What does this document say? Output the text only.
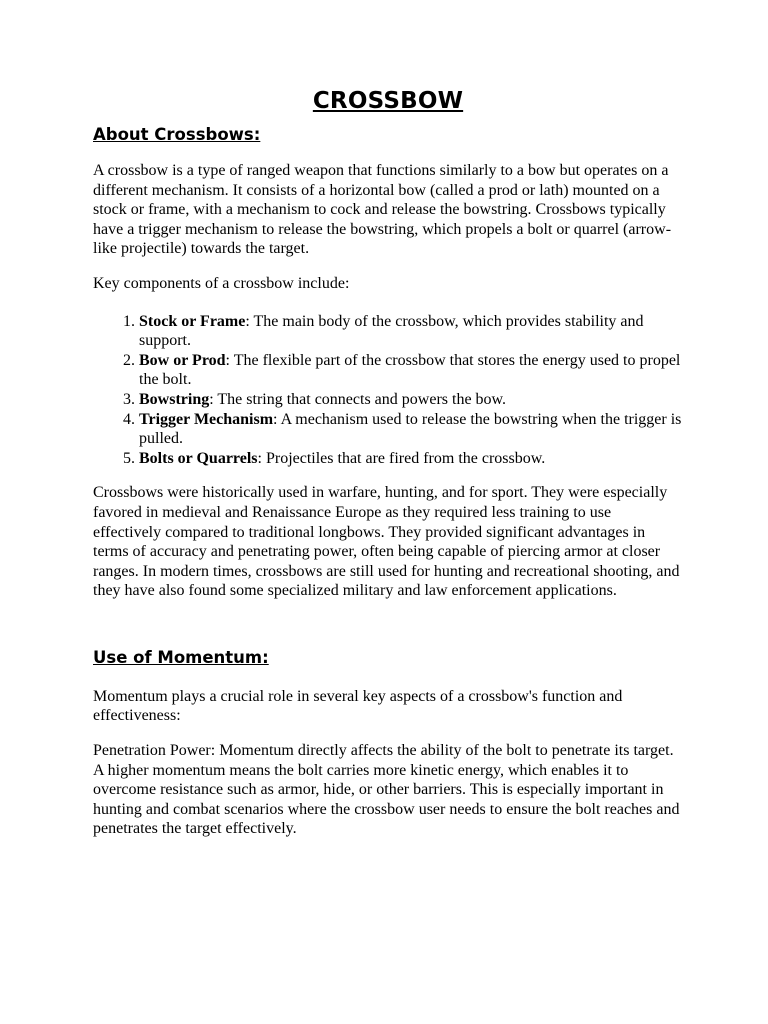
CROSSBOW
About Crossbows:

A crossbow is a type of ranged weapon that functions similarly to a bow but operates on a different mechanism. It consists of a horizontal bow (called a prod or lath) mounted on a stock or frame, with a mechanism to cock and release the bowstring. Crossbows typically have a trigger mechanism to release the bowstring, which propels a bolt or quarrel (arrow-like projectile) towards the target.

Key components of a crossbow include:

1. Stock or Frame: The main body of the crossbow, which provides stability and support.
2. Bow or Prod: The flexible part of the crossbow that stores the energy used to propel the bolt.
3. Bowstring: The string that connects and powers the bow.
4. Trigger Mechanism: A mechanism used to release the bowstring when the trigger is pulled.
5. Bolts or Quarrels: Projectiles that are fired from the crossbow.

Crossbows were historically used in warfare, hunting, and for sport. They were especially favored in medieval and Renaissance Europe as they required less training to use effectively compared to traditional longbows. They provided significant advantages in terms of accuracy and penetrating power, often being capable of piercing armor at closer ranges. In modern times, crossbows are still used for hunting and recreational shooting, and they have also found some specialized military and law enforcement applications.

Use of Momentum:

Momentum plays a crucial role in several key aspects of a crossbow's function and effectiveness:

Penetration Power: Momentum directly affects the ability of the bolt to penetrate its target. A higher momentum means the bolt carries more kinetic energy, which enables it to overcome resistance such as armor, hide, or other barriers. This is especially important in hunting and combat scenarios where the crossbow user needs to ensure the bolt reaches and penetrates the target effectively.
